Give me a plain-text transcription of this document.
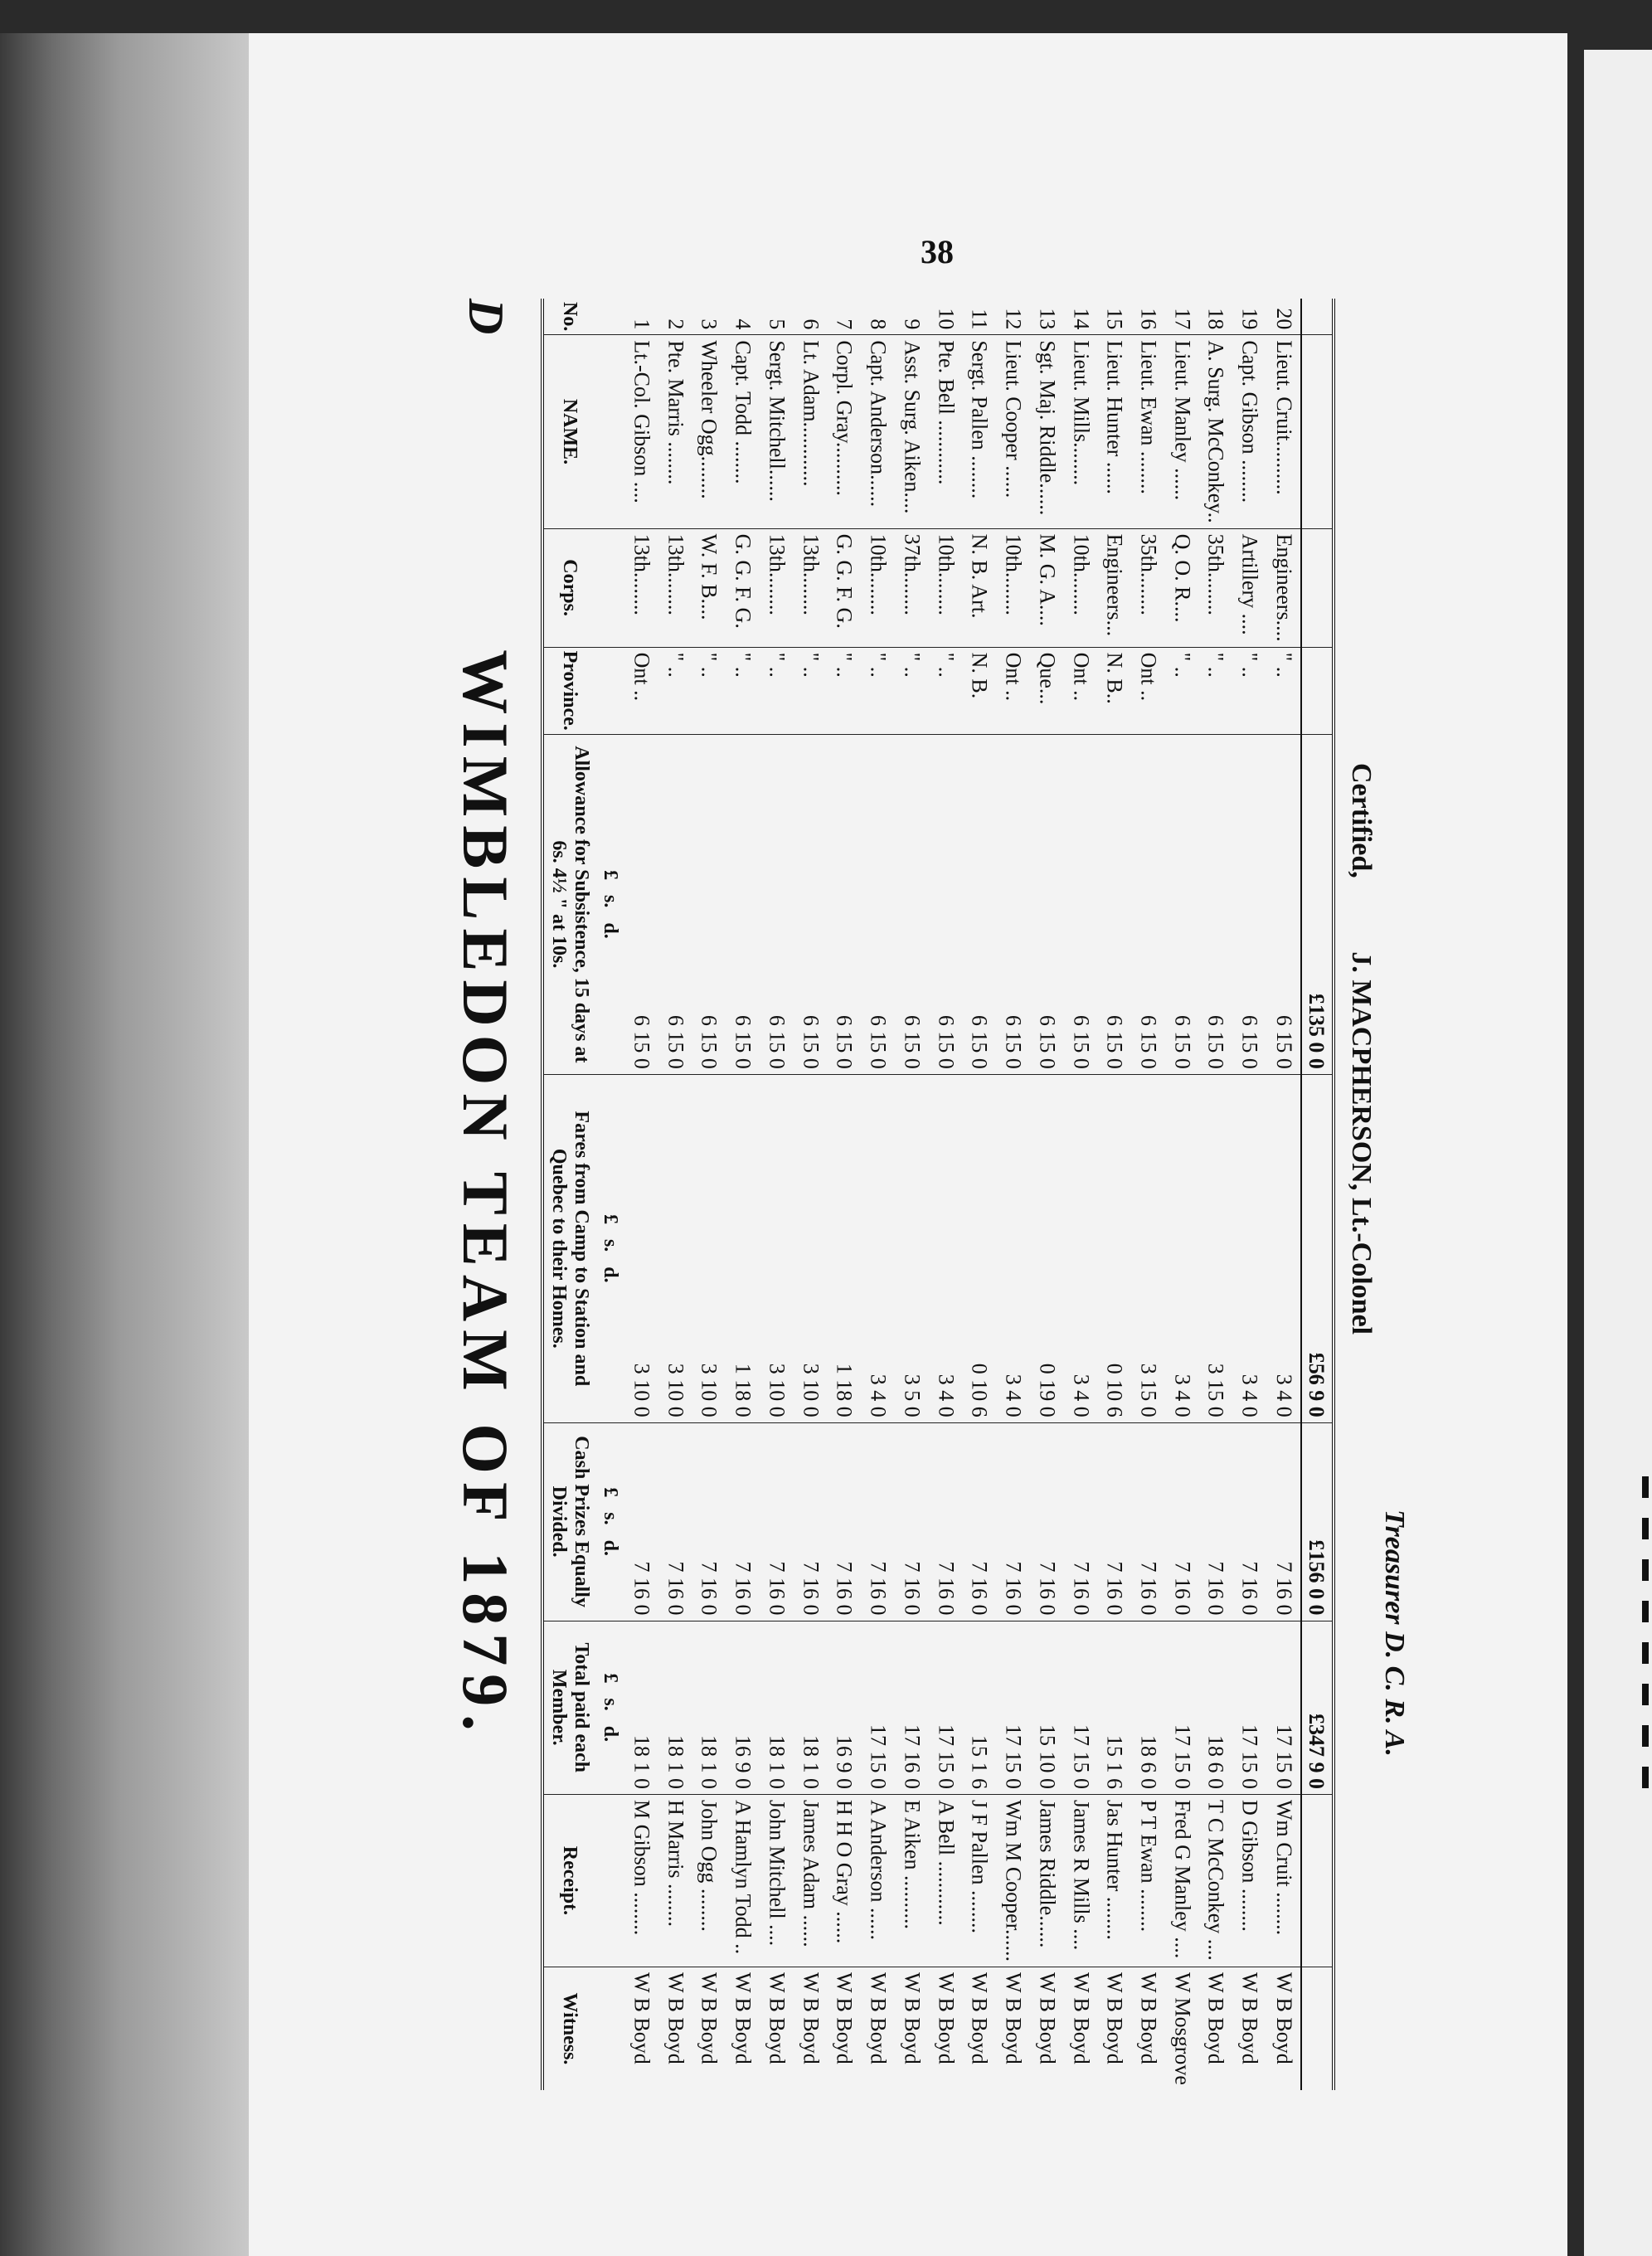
38
D
WIMBLEDON TEAM OF 1879.
No.	NAME.	Corps.	Province.	Allowance for Subsistence, 15 days at 6s. 4½ " at 10s.	Fares from Camp to Station and Quebec to their Homes.	Cash Prizes Equally Divided.	Total paid each Member.	Receipt.	Witness.
				£   s.   d.	£   s.   d.	£   s.   d.	£   s.   d.		
1	Lt.-Col. Gibson ....	13th........	Ont ..	6 15 0	3 10 0	7 16 0	18 1 0	M Gibson ........	W B Boyd
2	Pte. Marris ........	13th........	" ..	6 15 0	3 10 0	7 16 0	18 1 0	H Marris ........	W B Boyd
3	Wheeler Ogg........	W. F. B....	" ..	6 15 0	3 10 0	7 16 0	18 1 0	John Ogg ........	W B Boyd
4	Capt. Todd ........	G. G. F. G.	" ..	6 15 0	1 18 0	7 16 0	16 9 0	A Hamlyn Todd ..	W B Boyd
5	Sergt. Mitchell......	13th........	" ..	6 15 0	3 10 0	7 16 0	18 1 0	John Mitchell ....	W B Boyd
6	Lt. Adam............	13th........	" ..	6 15 0	3 10 0	7 16 0	18 1 0	James Adam ......	W B Boyd
7	Corpl. Gray..........	G. G. F. G.	" ..	6 15 0	1 18 0	7 16 0	16 9 0	H H O Gray ......	W B Boyd
8	Capt. Anderson......	10th........	" ..	6 15 0	3 4 0	7 16 0	17 15 0	A Anderson ......	W B Boyd
9	Asst. Surg. Aiken....	37th........	" ..	6 15 0	3 5 0	7 16 0	17 16 0	E Aiken ..........	W B Boyd
10	Pte. Bell ............	10th........	" ..	6 15 0	3 4 0	7 16 0	17 15 0	A Bell ............	W B Boyd
11	Sergt. Pallen ........	N. B. Art.	N. B.	6 15 0	0 10 6	7 16 0	15 1 6	J F Pallen ........	W B Boyd
12	Lieut. Cooper ......	10th........	Ont ..	6 15 0	3 4 0	7 16 0	17 15 0	Wm M Cooper......	W B Boyd
13	Sgt. Maj. Riddle......	M. G. A....	Que...	6 15 0	0 19 0	7 16 0	15 10 0	James Riddle......	W B Boyd
14	Lieut. Mills........	10th........	Ont ..	6 15 0	3 4 0	7 16 0	17 15 0	James R Mills ....	W B Boyd
15	Lieut. Hunter ......	Engineers...	N. B..	6 15 0	0 10 6	7 16 0	15 1 6	Jas Hunter ........	W B Boyd
16	Lieut. Ewan ........	35th........	Ont ..	6 15 0	3 15 0	7 16 0	18 6 0	P T Ewan ........	W B Boyd
17	Lieut. Manley ......	Q. O. R....	" ..	6 15 0	3 4 0	7 16 0	17 15 0	Fred G Manley ....	W Mosgrove
18	A. Surg. McConkey..	35th........	" ..	6 15 0	3 15 0	7 16 0	18 6 0	T C McConkey ....	W B Boyd
19	Capt. Gibson ........	Artillery ....	" ..	6 15 0	3 4 0	7 16 0	17 15 0	D Gibson ........	W B Boyd
20	Lieut. Cruit..........	Engineers....	" ..	6 15 0	3 4 0	7 16 0	17 15 0	Wm Cruit ........	W B Boyd
				£135 0 0	£56 9 0	£156 0 0	£347 9 0		
Certified, J. MACPHERSON, Lt.-Colonel
Treasurer D. C. R. A.
